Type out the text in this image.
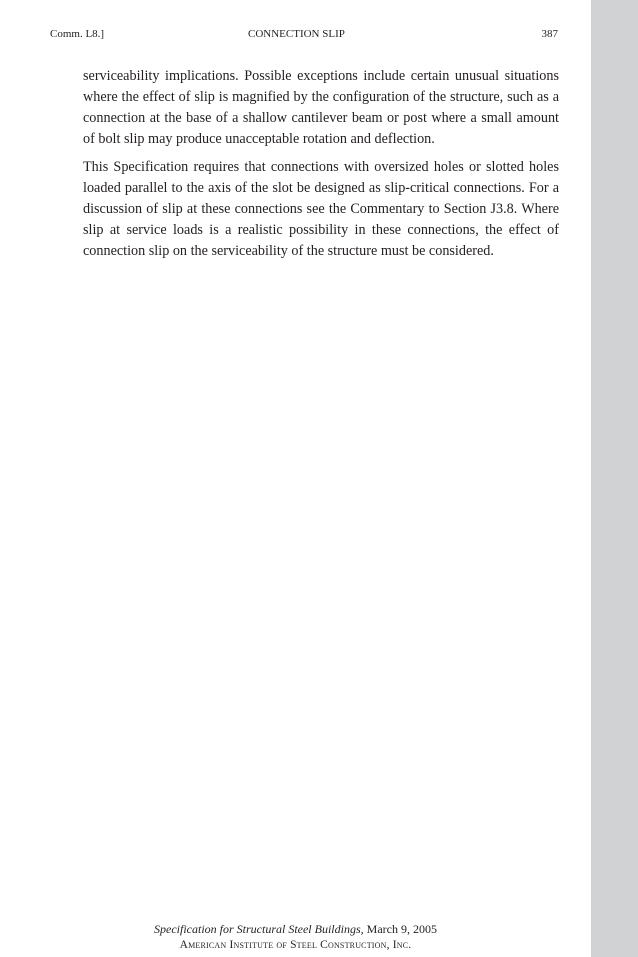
Comm. L8.]	CONNECTION SLIP	387

serviceability implications. Possible exceptions include certain unusual situations where the effect of slip is magnified by the configuration of the structure, such as a connection at the base of a shallow cantilever beam or post where a small amount of bolt slip may produce unacceptable rotation and deflection.

This Specification requires that connections with oversized holes or slotted holes loaded parallel to the axis of the slot be designed as slip-critical connections. For a discussion of slip at these connections see the Commentary to Section J3.8. Where slip at service loads is a realistic possibility in these connections, the effect of connection slip on the serviceability of the structure must be considered.

Specification for Structural Steel Buildings, March 9, 2005
American Institute of Steel Construction, Inc.
